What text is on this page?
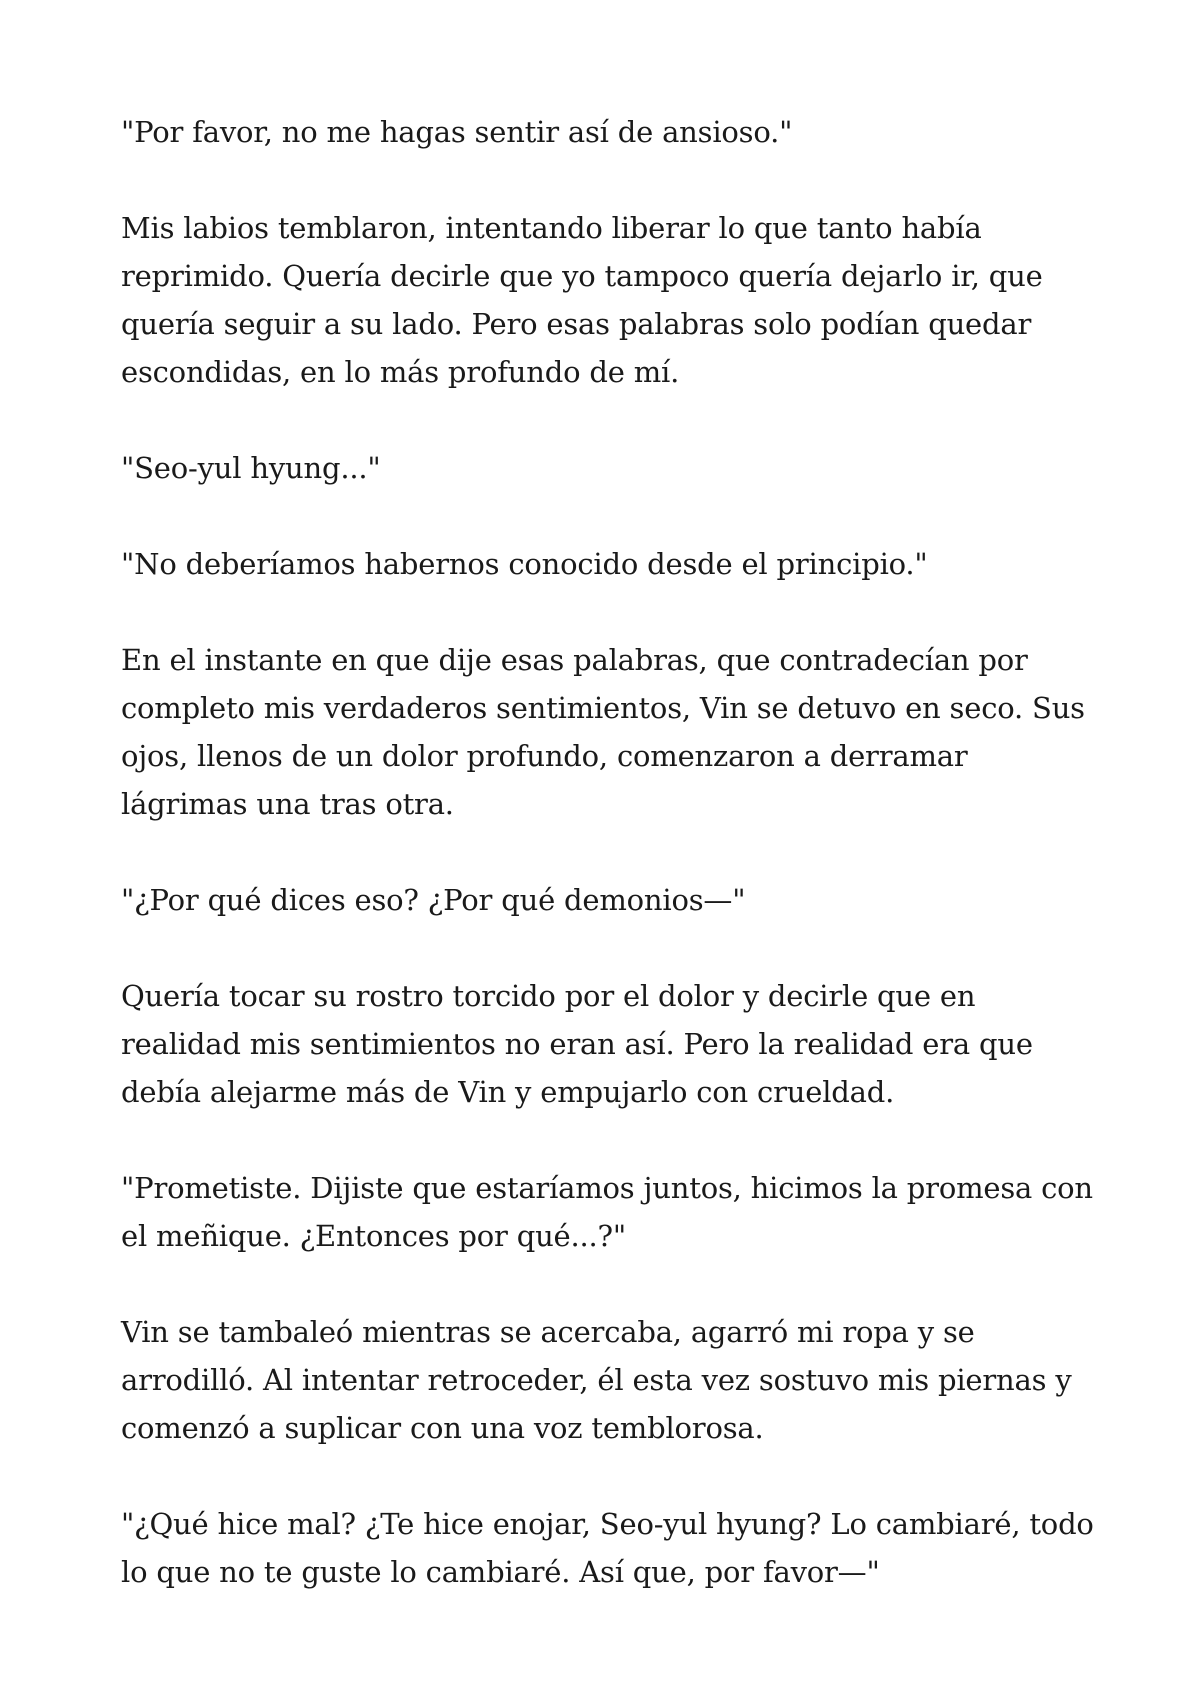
"Por favor, no me hagas sentir así de ansioso."

Mis labios temblaron, intentando liberar lo que tanto había reprimido. Quería decirle que yo tampoco quería dejarlo ir, que quería seguir a su lado. Pero esas palabras solo podían quedar escondidas, en lo más profundo de mí.

"Seo-yul hyung..."

"No deberíamos habernos conocido desde el principio."

En el instante en que dije esas palabras, que contradecían por completo mis verdaderos sentimientos, Vin se detuvo en seco. Sus ojos, llenos de un dolor profundo, comenzaron a derramar lágrimas una tras otra.

"¿Por qué dices eso? ¿Por qué demonios—"

Quería tocar su rostro torcido por el dolor y decirle que en realidad mis sentimientos no eran así. Pero la realidad era que debía alejarme más de Vin y empujarlo con crueldad.

"Prometiste. Dijiste que estaríamos juntos, hicimos la promesa con el meñique. ¿Entonces por qué...?"

Vin se tambaleó mientras se acercaba, agarró mi ropa y se arrodilló. Al intentar retroceder, él esta vez sostuvo mis piernas y comenzó a suplicar con una voz temblorosa.

"¿Qué hice mal? ¿Te hice enojar, Seo-yul hyung? Lo cambiaré, todo lo que no te guste lo cambiaré. Así que, por favor—"
